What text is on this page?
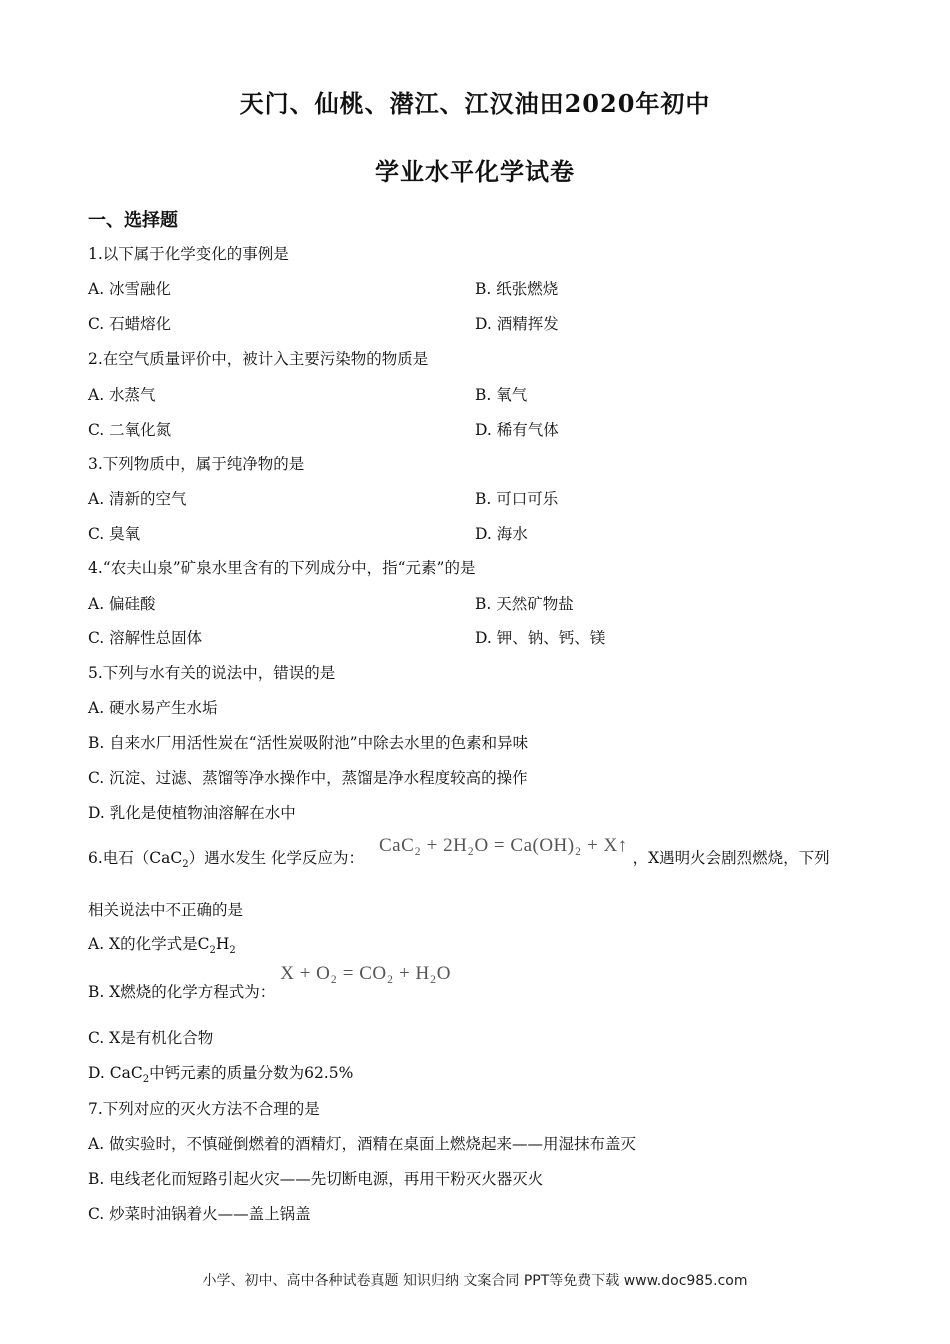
天门、仙桃、潜江、江汉油田2020年初中
学业水平化学试卷
一、选择题
1.以下属于化学变化的事例是
A. 冰雪融化	B. 纸张燃烧
C. 石蜡熔化	D. 酒精挥发
2.在空气质量评价中，被计入主要污染物的物质是
A. 水蒸气	B. 氧气
C. 二氧化氮	D. 稀有气体
3.下列物质中，属于纯净物的是
A. 清新的空气	B. 可口可乐
C. 臭氧	D. 海水
4.“农夫山泉”矿泉水里含有的下列成分中，指“元素”的是
A. 偏硅酸	B. 天然矿物盐
C. 溶解性总固体	D. 钾、钠、钙、镁
5.下列与水有关的说法中，错误的是
A. 硬水易产生水垢
B. 自来水厂用活性炭在“活性炭吸附池”中除去水里的色素和异味
C. 沉淀、过滤、蒸馏等净水操作中，蒸馏是净水程度较高的操作
D. 乳化是使植物油溶解在水中
6.电石（CaC$_2$）遇水发生 化学反应为： CaC₂ + 2H₂O = Ca(OH)₂ + X↑ ，X遇明火会剧烈燃烧，下列
相关说法中不正确的是
A. X的化学式是$C_2H_2$
B. X燃烧的化学方程式为： X + O₂ = CO₂ + H₂O
C. X是有机化合物
D. CaC$_2$中钙元素的质量分数为62.5%
7.下列对应的灭火方法不合理的是
A. 做实验时，不慎碰倒燃着的酒精灯，酒精在桌面上燃烧起来——用湿抹布盖灭
B. 电线老化而短路引起火灾——先切断电源，再用干粉灭火器灭火
C. 炒菜时油锅着火——盖上锅盖
小学、初中、高中各种试卷真题 知识归纳 文案合同 PPT等免费下载 www.doc985.com
